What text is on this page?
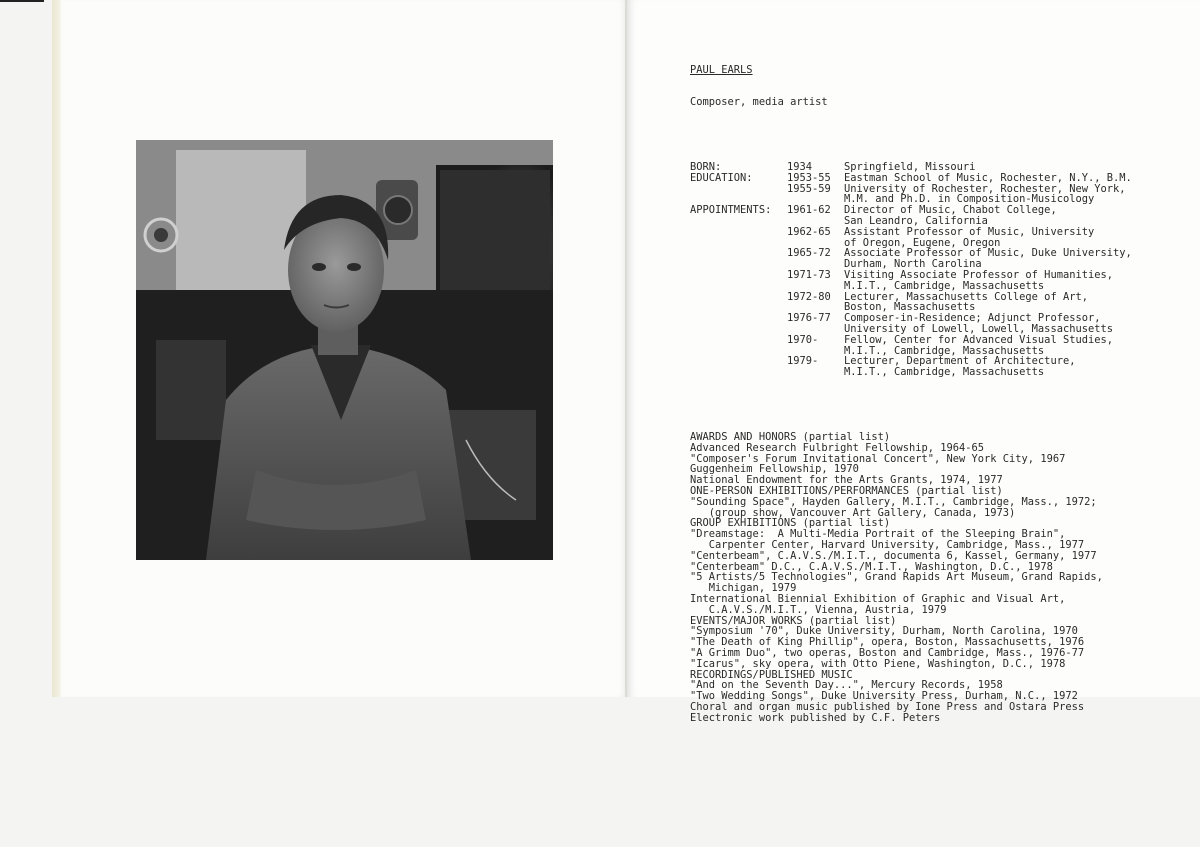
PAUL EARLS

Composer, media artist

BORN:	1934	Springfield, Missouri
EDUCATION:	1953-55	Eastman School of Music, Rochester, N.Y., B.M.
1955-59	University of Rochester, Rochester, New York,
M.M. and Ph.D. in Composition-Musicology
APPOINTMENTS:	1961-62	Director of Music, Chabot College,
San Leandro, California
1962-65	Assistant Professor of Music, University
of Oregon, Eugene, Oregon
1965-72	Associate Professor of Music, Duke University,
Durham, North Carolina
1971-73	Visiting Associate Professor of Humanities,
M.I.T., Cambridge, Massachusetts
1972-80	Lecturer, Massachusetts College of Art,
Boston, Massachusetts
1976-77	Composer-in-Residence; Adjunct Professor,
University of Lowell, Lowell, Massachusetts
1970-	Fellow, Center for Advanced Visual Studies,
M.I.T., Cambridge, Massachusetts
1979-	Lecturer, Department of Architecture,
M.I.T., Cambridge, Massachusetts

AWARDS AND HONORS (partial list)
Advanced Research Fulbright Fellowship, 1964-65
"Composer's Forum Invitational Concert", New York City, 1967
Guggenheim Fellowship, 1970
National Endowment for the Arts Grants, 1974, 1977
ONE-PERSON EXHIBITIONS/PERFORMANCES (partial list)
"Sounding Space", Hayden Gallery, M.I.T., Cambridge, Mass., 1972;
(group show, Vancouver Art Gallery, Canada, 1973)
GROUP EXHIBITIONS (partial list)
"Dreamstage:  A Multi-Media Portrait of the Sleeping Brain",
Carpenter Center, Harvard University, Cambridge, Mass., 1977
"Centerbeam", C.A.V.S./M.I.T., documenta 6, Kassel, Germany, 1977
"Centerbeam" D.C., C.A.V.S./M.I.T., Washington, D.C., 1978
"5 Artists/5 Technologies", Grand Rapids Art Museum, Grand Rapids,
Michigan, 1979
International Biennial Exhibition of Graphic and Visual Art,
C.A.V.S./M.I.T., Vienna, Austria, 1979
EVENTS/MAJOR WORKS (partial list)
"Symposium '70", Duke University, Durham, North Carolina, 1970
"The Death of King Phillip", opera, Boston, Massachusetts, 1976
"A Grimm Duo", two operas, Boston and Cambridge, Mass., 1976-77
"Icarus", sky opera, with Otto Piene, Washington, D.C., 1978
RECORDINGS/PUBLISHED MUSIC
"And on the Seventh Day...", Mercury Records, 1958
"Two Wedding Songs", Duke University Press, Durham, N.C., 1972
Choral and organ music published by Ione Press and Ostara Press
Electronic work published by C.F. Peters
